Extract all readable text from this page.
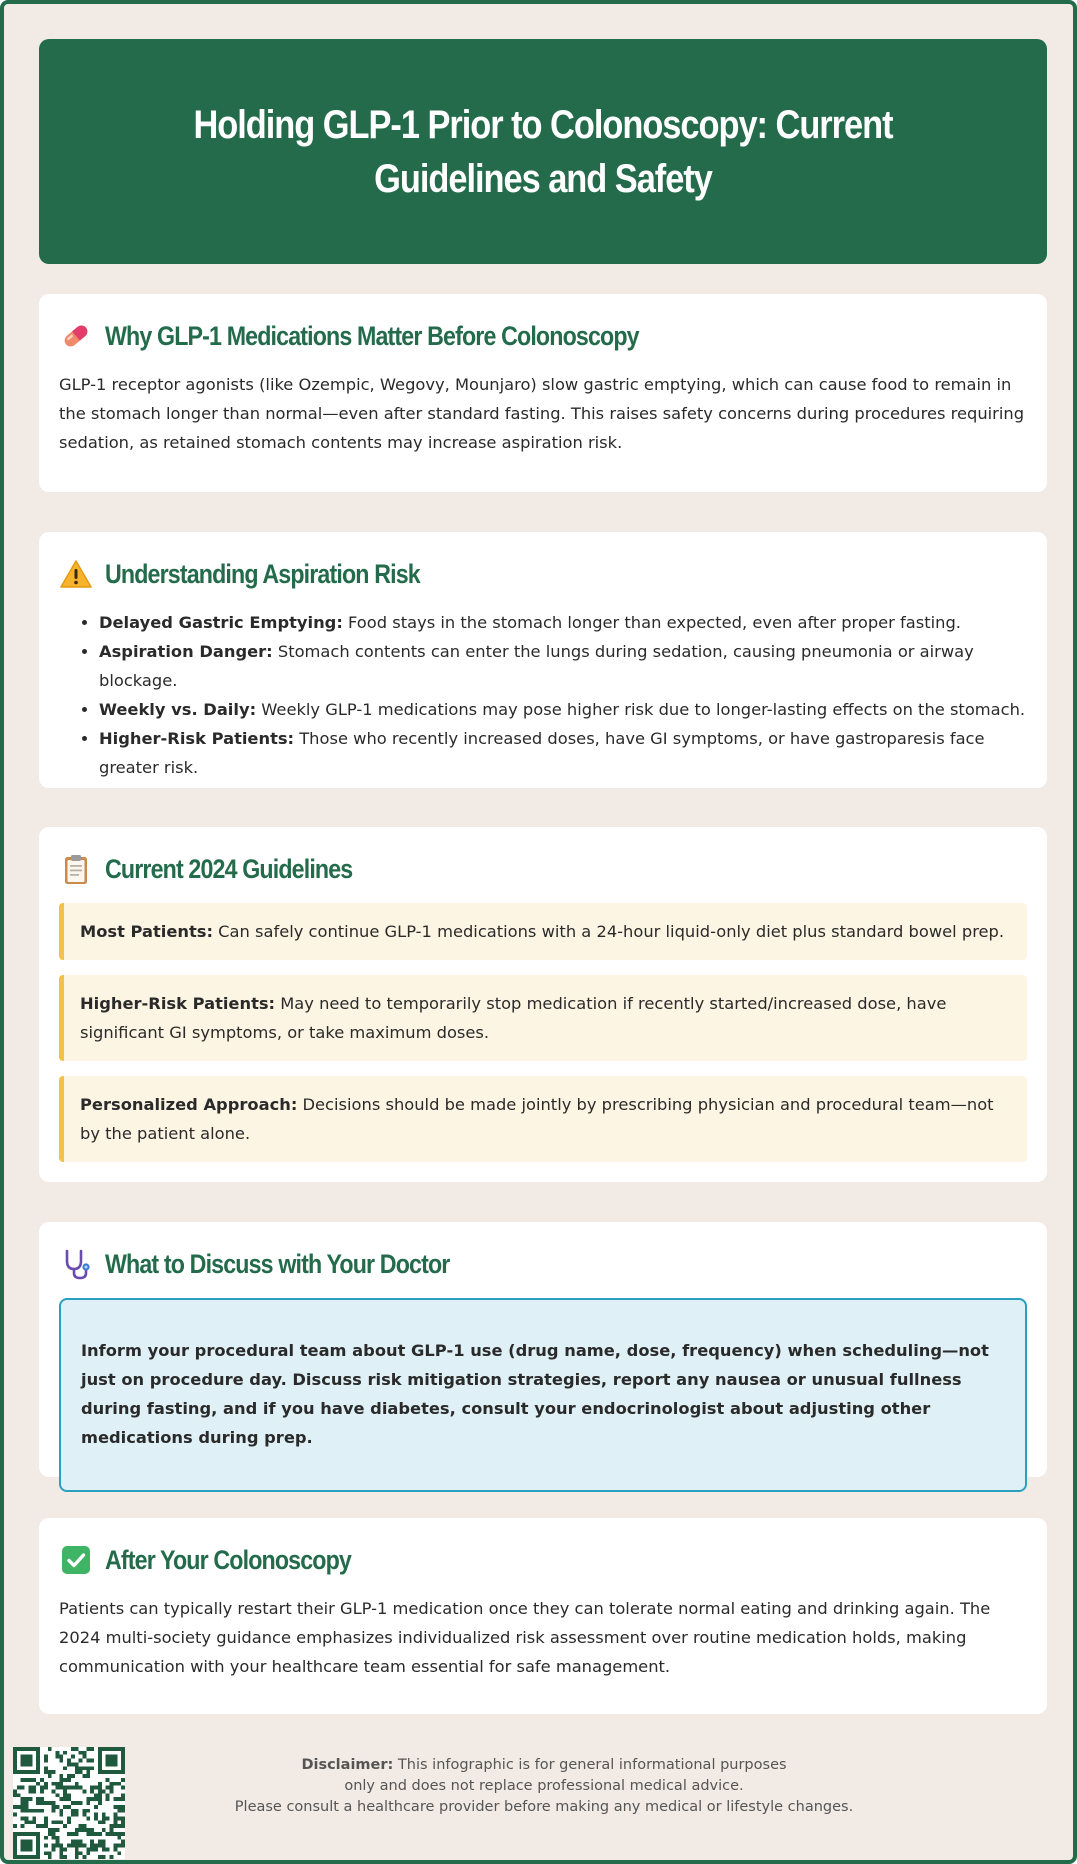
Holding GLP-1 Prior to Colonoscopy: Current Guidelines and Safety
Why GLP-1 Medications Matter Before Colonoscopy

GLP-1 receptor agonists (like Ozempic, Wegovy, Mounjaro) slow gastric emptying, which can cause food to remain in the stomach longer than normal—even after standard fasting. This raises safety concerns during procedures requiring sedation, as retained stomach contents may increase aspiration risk.

Understanding Aspiration Risk
• Delayed Gastric Emptying: Food stays in the stomach longer than expected, even after proper fasting.
• Aspiration Danger: Stomach contents can enter the lungs during sedation, causing pneumonia or airway blockage.
• Weekly vs. Daily: Weekly GLP-1 medications may pose higher risk due to longer-lasting effects on the stomach.
• Higher-Risk Patients: Those who recently increased doses, have GI symptoms, or have gastroparesis face greater risk.
Current 2024 Guidelines
Most Patients: Can safely continue GLP-1 medications with a 24-hour liquid-only diet plus standard bowel prep.
Higher-Risk Patients: May need to temporarily stop medication if recently started/increased dose, have significant GI symptoms, or take maximum doses.
Personalized Approach: Decisions should be made jointly by prescribing physician and procedural team—not by the patient alone.
What to Discuss with Your Doctor
Inform your procedural team about GLP-1 use (drug name, dose, frequency) when scheduling—not just on procedure day. Discuss risk mitigation strategies, report any nausea or unusual fullness during fasting, and if you have diabetes, consult your endocrinologist about adjusting other medications during prep.
After Your Colonoscopy

Patients can typically restart their GLP-1 medication once they can tolerate normal eating and drinking again. The 2024 multi-society guidance emphasizes individualized risk assessment over routine medication holds, making communication with your healthcare team essential for safe management.

Disclaimer: This infographic is for general informational purposes
only and does not replace professional medical advice.
Please consult a healthcare provider before making any medical or lifestyle changes.
